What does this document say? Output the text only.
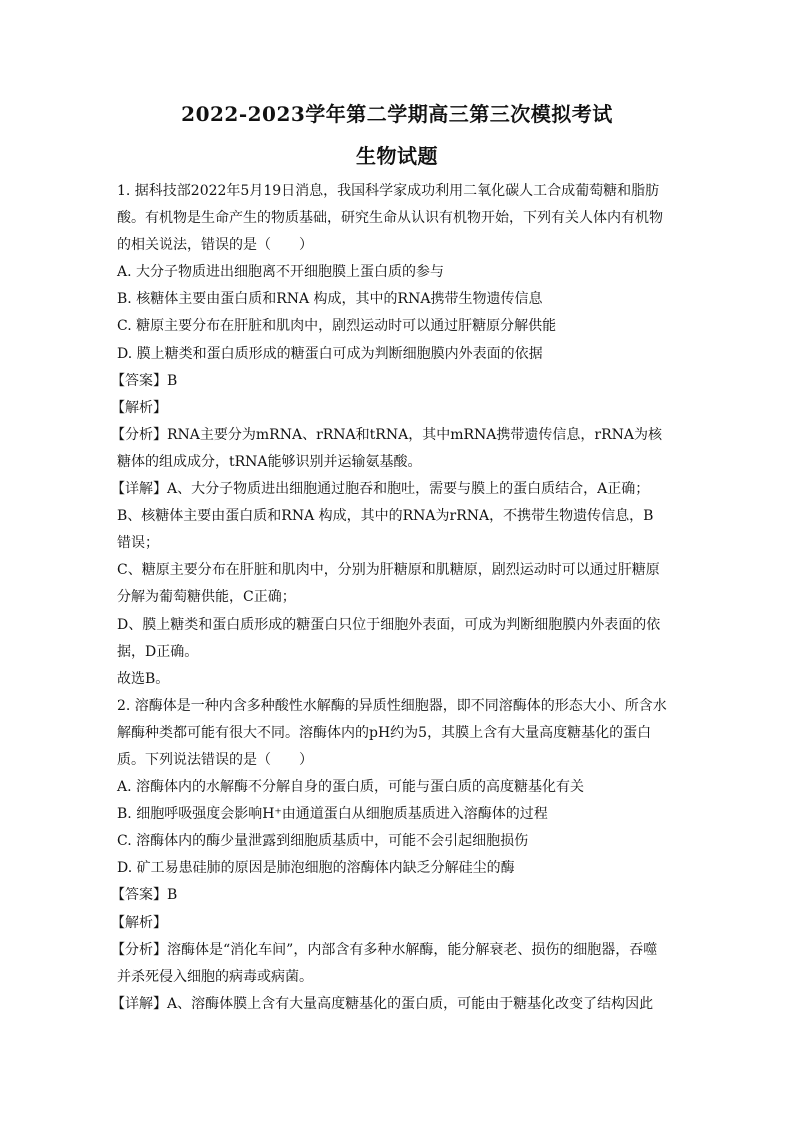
2022-2023学年第二学期高三第三次模拟考试
生物试题

1. 据科技部2022年5月19日消息，我国科学家成功利用二氧化碳人工合成葡萄糖和脂肪酸。有机物是生命产生的物质基础，研究生命从认识有机物开始，下列有关人体内有机物的相关说法，错误的是（　　）

A. 大分子物质进出细胞离不开细胞膜上蛋白质的参与

B. 核糖体主要由蛋白质和RNA 构成，其中的RNA携带生物遗传信息

C. 糖原主要分布在肝脏和肌肉中，剧烈运动时可以通过肝糖原分解供能

D. 膜上糖类和蛋白质形成的糖蛋白可成为判断细胞膜内外表面的依据

【答案】B

【解析】

【分析】RNA主要分为mRNA、rRNA和tRNA，其中mRNA携带遗传信息，rRNA为核糖体的组成成分，tRNA能够识别并运输氨基酸。

【详解】A、大分子物质进出细胞通过胞吞和胞吐，需要与膜上的蛋白质结合，A正确；

B、核糖体主要由蛋白质和RNA 构成，其中的RNA为rRNA，不携带生物遗传信息，B错误；

C、糖原主要分布在肝脏和肌肉中，分别为肝糖原和肌糖原，剧烈运动时可以通过肝糖原分解为葡萄糖供能，C正确；

D、膜上糖类和蛋白质形成的糖蛋白只位于细胞外表面，可成为判断细胞膜内外表面的依据，D正确。

故选B。

2. 溶酶体是一种内含多种酸性水解酶的异质性细胞器，即不同溶酶体的形态大小、所含水解酶种类都可能有很大不同。溶酶体内的pH约为5，其膜上含有大量高度糖基化的蛋白质。下列说法错误的是（　　）

A. 溶酶体内的水解酶不分解自身的蛋白质，可能与蛋白质的高度糖基化有关

B. 细胞呼吸强度会影响H⁺由通道蛋白从细胞质基质进入溶酶体的过程

C. 溶酶体内的酶少量泄露到细胞质基质中，可能不会引起细胞损伤

D. 矿工易患硅肺的原因是肺泡细胞的溶酶体内缺乏分解硅尘的酶

【答案】B

【解析】

【分析】溶酶体是“消化车间”，内部含有多种水解酶，能分解衰老、损伤的细胞器，吞噬并杀死侵入细胞的病毒或病菌。

【详解】A、溶酶体膜上含有大量高度糖基化的蛋白质，可能由于糖基化改变了结构因此
